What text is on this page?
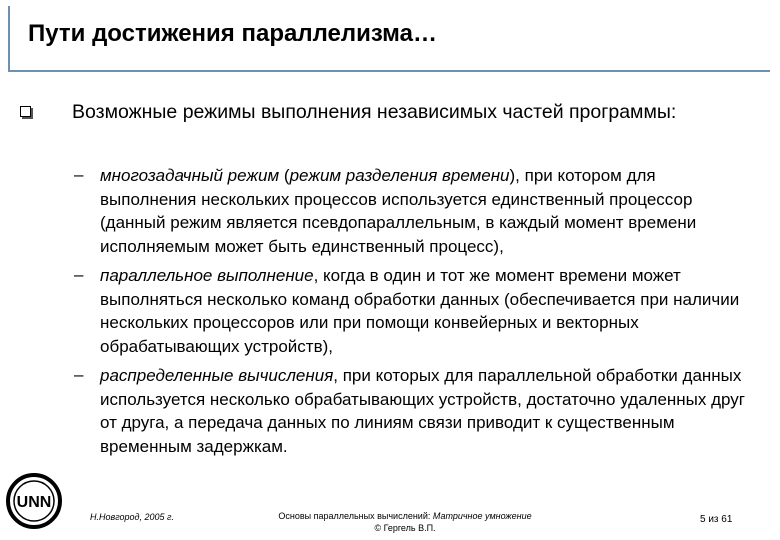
Пути достижения параллелизма…
Возможные режимы выполнения независимых частей программы:
– многозадачный режим (режим разделения времени), при котором для выполнения нескольких процессов используется единственный процессор (данный режим является псевдопараллельным, в каждый момент времени исполняемым может быть единственный процесс),
– параллельное выполнение, когда в один и тот же момент времени может выполняться несколько команд обработки данных (обеспечивается при наличии нескольких процессоров или при помощи конвейерных и векторных обрабатывающих устройств),
– распределенные вычисления, при которых для параллельной обработки данных используется несколько обрабатывающих устройств, достаточно удаленных друг от друга, а передача данных по линиям связи приводит к существенным временным задержкам.
UNN
Н.Новгород, 2005 г.	Основы параллельных вычислений: Матричное умножение
© Гергель В.П.
5 из 61
